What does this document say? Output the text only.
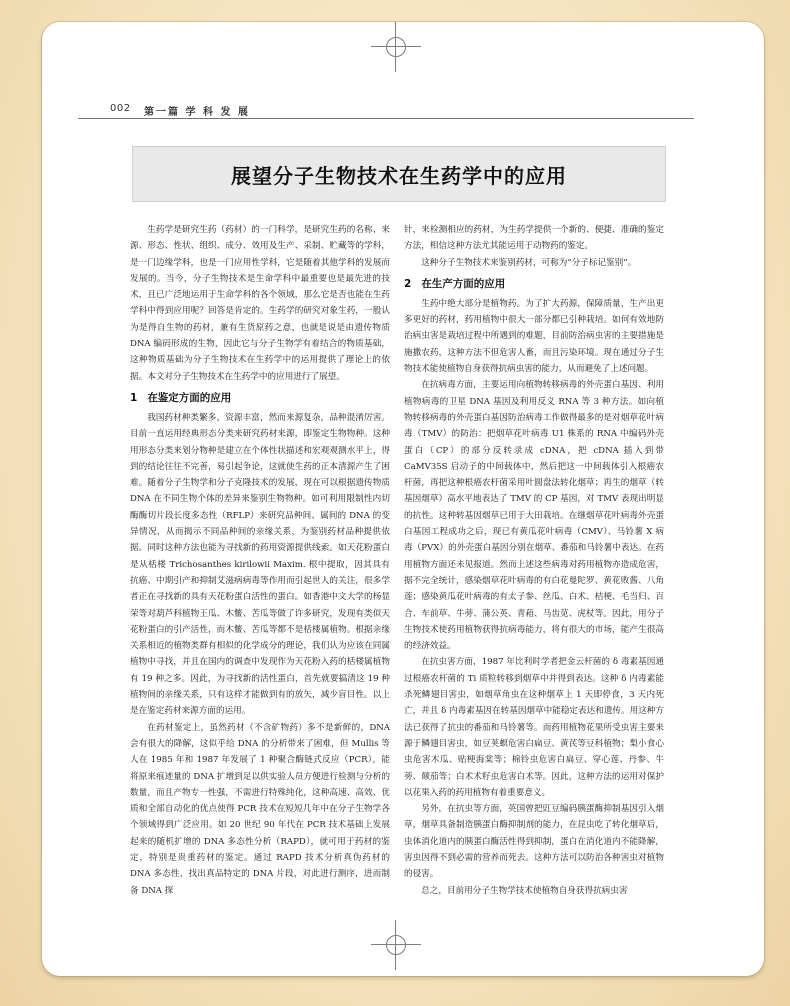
002 第一篇 学 科 发 展
展望分子生物技术在生药学中的应用

生药学是研究生药（药材）的一门科学，是研究生药的名称、来源、形态、性状、组织、成分、效用及生产、采制、贮藏等的学科，是一门边缘学科，也是一门应用性学科，它是随着其他学科的发展而发展的。当今，分子生物技术是生命学科中最重要也是最先进的技术，且已广泛地运用于生命学科的各个领域，那么它是否也能在生药学科中得到应用呢？回答是肯定的。生药学的研究对象生药，一般认为是得自生物的药材，兼有生货原药之意，也就是说是由遗传物质 DNA 编码形成的生物，因此它与分子生物学有着结合的物质基础，这种物质基础为分子生物技术在生药学中的运用提供了理论上的依据。本文对分子生物技术在生药学中的应用进行了展望。

1 在鉴定方面的应用

我国药材种类繁多，资源丰富，然而来源复杂，品种混淆厉害。目前一直运用经典形态分类来研究药材来源，即鉴定生物物种。这种用形态分类来划分物种是建立在个体性状描述和宏观观测水平上，得到的结论往往不完善，易引起争论，这就使生药的正本清源产生了困难。随着分子生物学和分子克隆技术的发展，现在可以根据遗传物质 DNA 在不同生物个体的差异来鉴别生物物种。如可利用限制性内切酶酶切片段长度多态性（RFLP）来研究品种间、属间的 DNA 的变异情况，从而揭示不同品种间的亲缘关系，为鉴别药材品种提供依据。同时这种方法也能为寻找新的药用资源提供线索。如天花粉蛋白是从栝楼 Trichosanthes kirilowii Maxim. 根中提取，因其具有抗癌、中期引产和抑制艾滋病病毒等作用而引起世人的关注，很多学者正在寻找新的具有天花粉蛋白活性的蛋白。如香港中文大学的杨显荣等对葫芦科植物王瓜、木鳖、苦瓜等做了许多研究，发现有类似天花粉蛋白的引产活性，而木鳖、苦瓜等都不是栝楼属植物。根据亲缘关系相近的植物类群有相似的化学成分的理论，我们认为应该在同属植物中寻找，并且在国内的调查中发现作为天花粉入药的栝楼属植物有 19 种之多。因此，为寻找新的活性蛋白，首先就要搞清这 19 种植物间的亲缘关系，只有这样才能做到有的放矢，减少盲目性。以上是在鉴定药材来源方面的运用。

在药材鉴定上，虽然药材（不含矿物药）多不是新鲜的，DNA 会有很大的降解，这似乎给 DNA 的分析带来了困难，但 Mullis 等人在 1985 年和 1987 年发展了 1 种聚合酶链式反应（PCR），能将原来痕迹量的 DNA 扩增到足以供实验人员方便进行检测与分析的数量，而且产物专一性强，不需进行特殊纯化，这种高速、高效、优质和全部自动化的优点使得 PCR 技术在短短几年中在分子生物学各个领域得到广泛应用。如 20 世纪 90 年代在 PCR 技术基础上发展起来的随机扩增的 DNA 多态性分析（RAPD），就可用于药材的鉴定，特别是贵重药材的鉴定。通过 RAPD 技术分析真伪药材的 DNA 多态性，找出真品特定的 DNA 片段，对此进行测序，进而制备 DNA 探

针，来检测相应的药材，为生药学提供一个新的、便捷、准确的鉴定方法，相信这种方法尤其能运用于动物药的鉴定。

这种分子生物技术来鉴别药材，可称为“分子标记鉴别”。

2 在生产方面的应用

生药中绝大部分是植物药。为了扩大药源，保障质量，生产出更多更好的药材，药用植物中很大一部分都已引种栽培。如何有效地防治病虫害是栽培过程中所遇到的难题，目前防治病虫害的主要措施是施撒农药，这种方法不但危害人畜，而且污染环境。现在通过分子生物技术能使植物自身获得抗病虫害的能力，从而避免了上述问题。

在抗病毒方面，主要运用向植物转移病毒的外壳蛋白基因、利用植物病毒的卫星 DNA 基因及利用反义 RNA 等 3 种方法。如向植物转移病毒的外壳蛋白基因防治病毒工作做得最多的是对烟草花叶病毒（TMV）的防治：把烟草花叶病毒 U1 株系的 RNA 中编码外壳蛋白（CP）的部分反转录成 cDNA，把 cDNA 插入到带 CaMV35S 启动子的中间载体中，然后把这一中间载体引入根癌农杆菌，再把这种根癌农杆菌采用叶圆盘法转化烟草；再生的烟草（转基因烟草）高水平地表达了 TMV 的 CP 基因，对 TMV 表现出明显的抗性。这种转基因烟草已用于大田栽培。在继烟草花叶病毒外壳蛋白基因工程成功之后，现已有黄瓜花叶病毒（CMV）、马铃薯 X 病毒（PVX）的外壳蛋白基因分别在烟草、番茄和马铃薯中表达。在药用植物方面还未见报道。然而上述这些病毒对药用植物亦造成危害，据不完全统计，感染烟草花叶病毒的有白花曼陀罗、黄花败酱、八角莲；感染黄瓜花叶病毒的有太子参、丝瓜、白术、桔梗、毛当归、百合、车前草、牛蒡、蒲公英、青葙、马齿苋、虎杖等。因此，用分子生物技术使药用植物获得抗病毒能力，将有很大的市场，能产生很高的经济效益。

在抗虫害方面，1987 年比利时学者把金云杆菌的 δ 毒素基因通过根癌农杆菌的 Ti 质粒转移到烟草中并得到表达。这种 δ 内毒素能杀死鳞翅目害虫，如烟草角虫在这种烟草上 1 天即停食，3 天内死亡，并且 δ 内毒素基因在转基因烟草中能稳定表达和遗传。用这种方法已获得了抗虫的番茄和马铃薯等。而药用植物花果所受虫害主要来源于鳞翅目害虫，如豆荚螟危害白扁豆、黄芪等豆科植物；梨小食心虫危害木瓜、贴梗海棠等；棉铃虫危害白扁豆、穿心莲、丹参、牛蒡、颠茄等；白术术籽虫危害白术等。因此，这种方法的运用对保护以花果入药的药用植物有着重要意义。

另外，在抗虫等方面，英国曾把豇豆编码胰蛋酶抑制基因引入烟草，烟草具备制造胰蛋白酶抑制剂的能力，在昆虫吃了转化烟草后，虫体消化道内的胰蛋白酶活性得到抑制，蛋白在消化道内不能降解，害虫因得不到必需的营养而死去。这种方法可以防治各种害虫对植物的侵害。

总之，目前用分子生物学技术使植物自身获得抗病虫害
